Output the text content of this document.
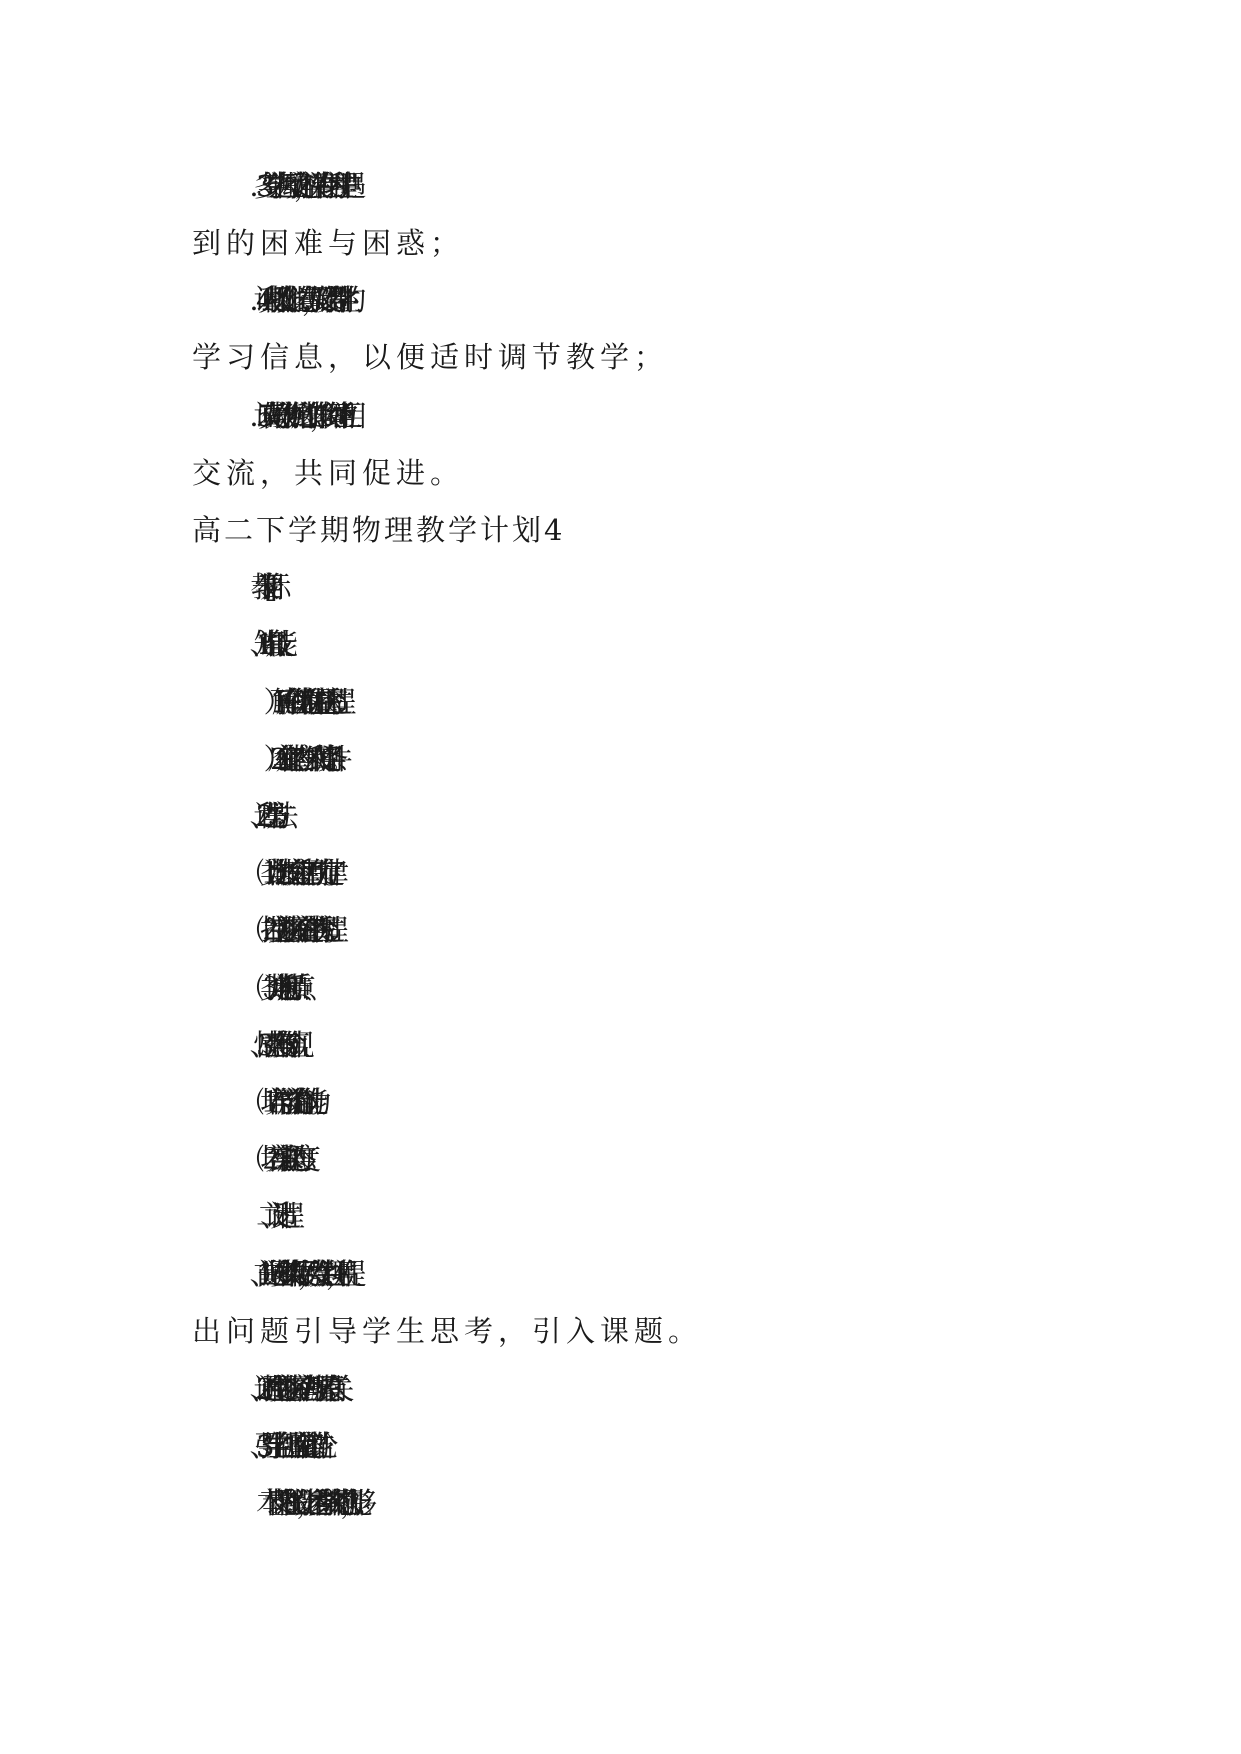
3．多与学生进行互动交流，解决学生在学习过程中遇
到的困难与困惑；
4．认真积极批发作业、试卷等，及时反馈得到学生的
学习信息，以便适时调节教学；
5．认真做好教学分析归纳总结工作，教师间经常互相
交流，共同促进。
高二下学期物理教学计划4
1、知识与技能：
（1）了解库仑规律的定性和定量探究过程。
（2）库仑定律的内容、公式和使用条件。
2、过程与方法：
⑴类比法比较库仑定律和万有引力定律。
⑵控制变量法探究库仑定律的探究过程。
⑶类比点电荷和质点。
3、情感、态度与价值观：
⑴培养与同学交流合作的能力。
⑵培养实事求是的态度。
二、设计过程
1、首先通过多媒体课件展示，激发学生兴趣，并且提
出问题引导学生思考，引入课题。
2、通过控制变量法探究库仑力与哪些因素有关。
3、引导学生自己得出库仑定律的结论。
本节课整个过程的设计，渗透着科学探究的思想，能够
